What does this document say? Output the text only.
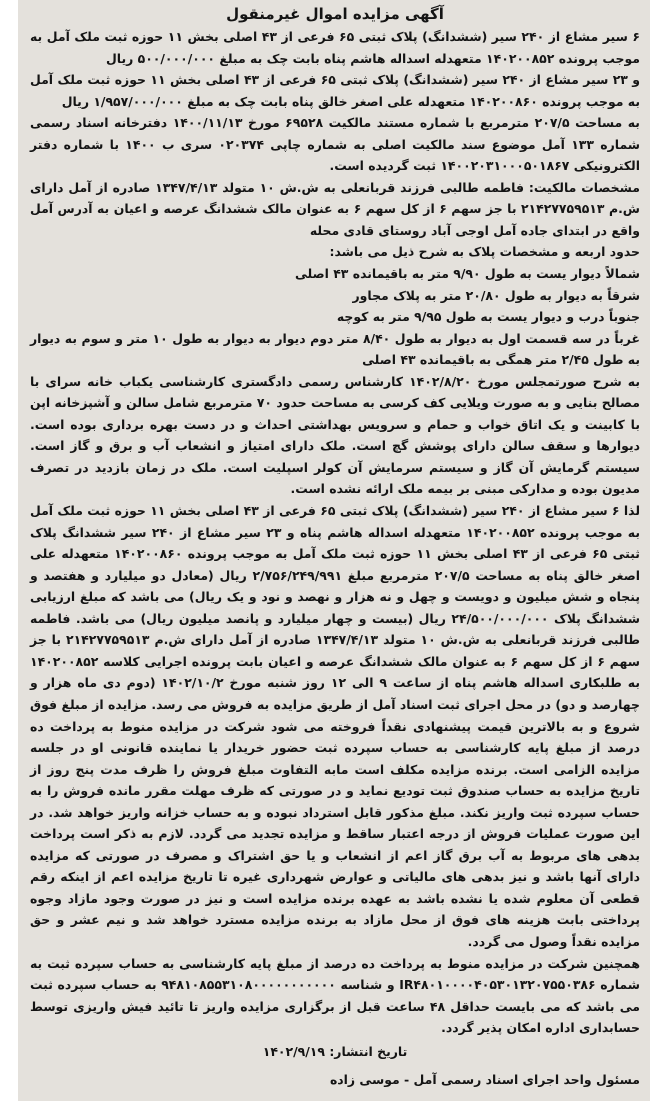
آگهی مزایده اموال غیرمنقول

۶ سیر مشاع از ۲۴۰ سیر (ششدانگ) پلاک ثبتی ۶۵ فرعی از ۴۳ اصلی بخش ۱۱ حوزه ثبت ملک آمل به موجب پرونده ۱۴۰۲۰۰۸۵۲ متعهدله اسداله هاشم پناه بابت چک به مبلغ ۵۰۰/۰۰۰/۰۰۰ ریال

و ۲۳ سیر مشاع از ۲۴۰ سیر (ششدانگ) پلاک ثبتی ۶۵ فرعی از ۴۳ اصلی بخش ۱۱ حوزه ثبت ملک آمل به موجب پرونده ۱۴۰۲۰۰۸۶۰ متعهدله علی اصغر خالق پناه بابت چک به مبلغ ۱/۹۵۷/۰۰۰/۰۰۰ ریال

به مساحت ۲۰۷/۵ مترمربع با شماره مستند مالکیت ۶۹۵۲۸ مورخ ۱۴۰۰/۱۱/۱۳ دفترخانه اسناد رسمی شماره ۱۳۳ آمل موضوع سند مالکیت اصلی به شماره چاپی ۰۲۰۳۷۴ سری ب ۱۴۰۰ با شماره دفتر الکترونیکی ۱۴۰۰۲۰۳۱۰۰۰۵۰۱۸۶۷ ثبت گردیده است.

مشخصات مالکیت: فاطمه طالبی فرزند قربانعلی به ش.ش ۱۰ متولد ۱۳۴۷/۴/۱۳ صادره از آمل دارای ش.م ۲۱۴۲۷۷۵۹۵۱۳ با جز سهم ۶ از کل سهم ۶ به عنوان مالک ششدانگ عرصه و اعیان به آدرس آمل واقع در ابتدای جاده آمل اوجی آباد روستای قادی محله

حدود اربعه و مشخصات پلاک به شرح ذیل می باشد:

شمالاً دیوار یست به طول ۹/۹۰ متر به باقیمانده ۴۳ اصلی

شرقاً به دیوار به طول ۲۰/۸۰ متر به پلاک مجاور

جنوباً درب و دیوار یست به طول ۹/۹۵ متر به کوچه

غرباً در سه قسمت اول به دیوار به طول ۸/۴۰ متر دوم دیوار به دیوار به طول ۱۰ متر و سوم به دیوار به طول ۲/۴۵ متر همگی به باقیمانده ۴۳ اصلی

به شرح صورتمجلس مورخ ۱۴۰۲/۸/۲۰ کارشناس رسمی دادگستری کارشناسی یکباب خانه سرای با مصالح بنایی و به صورت ویلایی کف کرسی به مساحت حدود ۷۰ مترمربع شامل سالن و آشپزخانه اپن با کابینت و یک اتاق خواب و حمام و سرویس بهداشتی احداث و در دست بهره برداری بوده است. دیوارها و سقف سالن دارای پوشش گچ است. ملک دارای امتیاز و انشعاب آب و برق و گاز است. سیستم گرمایش آن گاز و سیستم سرمایش آن کولر اسپلیت است. ملک در زمان بازدید در تصرف مدیون بوده و مدارکی مبنی بر بیمه ملک ارائه نشده است.

لذا ۶ سیر مشاع از ۲۴۰ سیر (ششدانگ) پلاک ثبتی ۶۵ فرعی از ۴۳ اصلی بخش ۱۱ حوزه ثبت ملک آمل به موجب پرونده ۱۴۰۲۰۰۸۵۲ متعهدله اسداله هاشم پناه و ۲۳ سیر مشاع از ۲۴۰ سیر ششدانگ پلاک ثبتی ۶۵ فرعی از ۴۳ اصلی بخش ۱۱ حوزه ثبت ملک آمل به موجب پرونده ۱۴۰۲۰۰۸۶۰ متعهدله علی اصغر خالق پناه به مساحت ۲۰۷/۵ مترمربع مبلغ ۲/۷۵۶/۲۴۹/۹۹۱ ریال (معادل دو میلیارد و هفتصد و پنجاه و شش میلیون و دویست و چهل و نه هزار و نهصد و نود و یک ریال) می باشد که مبلغ ارزیابی ششدانگ پلاک ۲۴/۵۰۰/۰۰۰/۰۰۰ ریال (بیست و چهار میلیارد و پانصد میلیون ریال) می باشد. فاطمه طالبی فرزند قربانعلی به ش.ش ۱۰ متولد ۱۳۴۷/۴/۱۳ صادره از آمل دارای ش.م ۲۱۴۲۷۷۵۹۵۱۳ با جز سهم ۶ از کل سهم ۶ به عنوان مالک ششدانگ عرصه و اعیان بابت پرونده اجرایی کلاسه ۱۴۰۲۰۰۸۵۲ به طلبکاری اسداله هاشم پناه از ساعت ۹ الی ۱۲ روز شنبه مورخ ۱۴۰۲/۱۰/۲ (دوم دی ماه هزار و چهارصد و دو) در محل اجرای ثبت اسناد آمل از طریق مزایده به فروش می رسد. مزایده از مبلغ فوق شروع و به بالاترین قیمت پیشنهادی نقداً فروخته می شود شرکت در مزایده منوط به پرداخت ده درصد از مبلغ پایه کارشناسی به حساب سپرده ثبت حضور خریدار یا نماینده قانونی او در جلسه مزایده الزامی است. برنده مزایده مکلف است مابه التفاوت مبلغ فروش را ظرف مدت پنج روز از تاریخ مزایده به حساب صندوق ثبت تودیع نماید و در صورتی که ظرف مهلت مقرر مانده فروش را به حساب سپرده ثبت واریز نکند. مبلغ مذکور قابل استرداد نبوده و به حساب خزانه واریز خواهد شد. در این صورت عملیات فروش از درجه اعتبار ساقط و مزایده تجدید می گردد. لازم به ذکر است پرداخت بدهی های مربوط به آب برق گاز اعم از انشعاب و یا حق اشتراک و مصرف در صورتی که مزایده دارای آنها باشد و نیز بدهی های مالیاتی و عوارض شهرداری غیره تا تاریخ مزایده اعم از اینکه رقم قطعی آن معلوم شده یا نشده باشد به عهده برنده مزایده است و نیز در صورت وجود مازاد وجوه پرداختی بابت هزینه های فوق از محل مازاد به برنده مزایده مسترد خواهد شد و نیم عشر و حق مزایده نقداً وصول می گردد.

همچنین شرکت در مزایده منوط به پرداخت ده درصد از مبلغ پایه کارشناسی به حساب سپرده ثبت به شماره IR۴۸۰۱۰۰۰۰۴۰۵۳۰۱۳۲۰۷۵۵۰۳۸۶ و شناسه ۹۴۸۱۰۸۵۵۳۱۰۸۰۰۰۰۰۰۰۰۰۰۰ به حساب سپرده ثبت می باشد که می بایست حداقل ۴۸ ساعت قبل از برگزاری مزایده واریز تا تائید فیش واریزی توسط حسابداری اداره امکان پذیر گردد.

تاریخ انتشار: ۱۴۰۲/۹/۱۹
مسئول واحد اجرای اسناد رسمی آمل - موسی زاده
